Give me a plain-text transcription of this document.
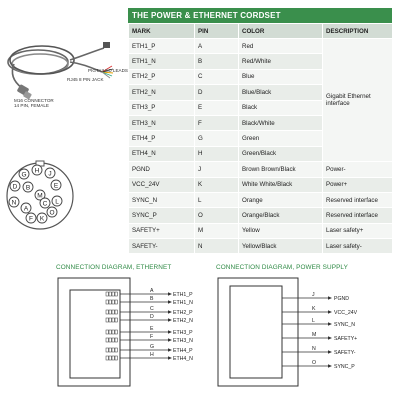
RJ45 8 PIN JACK
PIGTAILED LEADS
M16 CONNECTOR
14 PIN, FEMALE
G
H J
D B	E
M
N
A
C L
F K
O
THE POWER & ETHERNET CORDSET
MARK	PIN	COLOR	DESCRIPTION
ETH1_P	A	Red	Gigabit Ethernet interface
ETH1_N	B	Red/White	
ETH2_P	C	Blue	
ETH2_N	D	Blue/Black	
ETH3_P	E	Black	
ETH3_N	F	Black/White	
ETH4_P	G	Green	
ETH4_N	H	Green/Black	
PGND	J	Brown Brown/Black	Power-
VCC_24V	K	White White/Black	Power+
SYNC_N	L	Orange	Reserved interface
SYNC_P	O	Orange/Black	Reserved interface
SAFETY+	M	Yellow	Laser safety+
SAFETY-	N	Yellow/Black	Laser safety-
CONNECTION DIAGRAM, ETHERNET	CONNECTION DIAGRAM, POWER SUPPLY
A
ETH1_P
B
ETH1_N
C
ETH2_P
D
ETH2_N
E
ETH3_P
F
ETH3_N
G
ETH4_P
H
ETH4_N
J
PGND
K
VCC_24V
L
SYNC_N
M
SAFETY+
N
SAFETY-
O
SYNC_P
